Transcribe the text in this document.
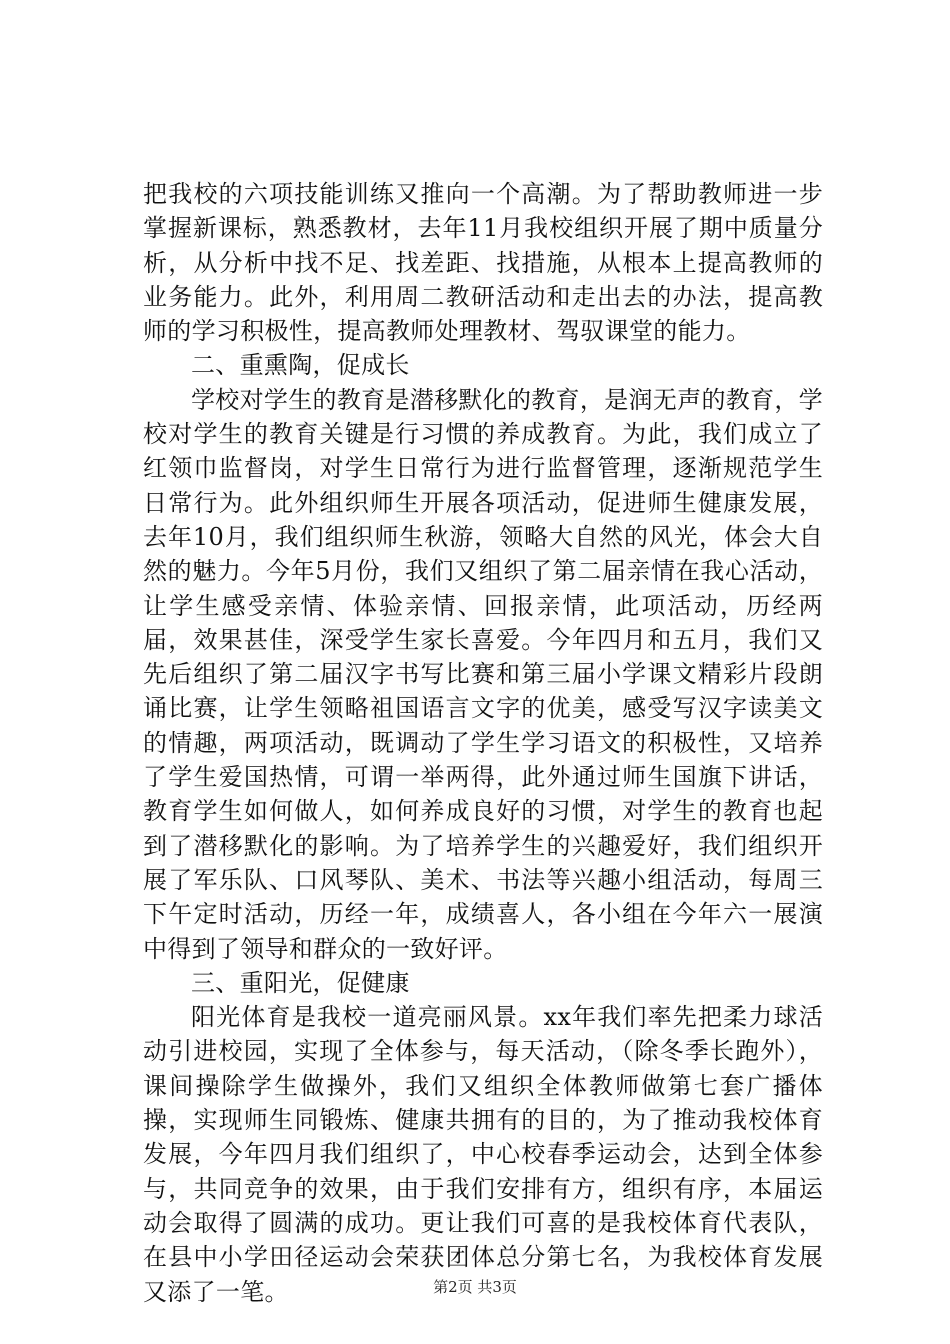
把我校的六项技能训练又推向一个高潮。为了帮助教师进一步掌握新课标，熟悉教材，去年11月我校组织开展了期中质量分析，从分析中找不足、找差距、找措施，从根本上提高教师的业务能力。此外，利用周二教研活动和走出去的办法，提高教师的学习积极性，提高教师处理教材、驾驭课堂的能力。

二、重熏陶，促成长

学校对学生的教育是潜移默化的教育，是润无声的教育，学校对学生的教育关键是行习惯的养成教育。为此，我们成立了红领巾监督岗，对学生日常行为进行监督管理，逐渐规范学生日常行为。此外组织师生开展各项活动，促进师生健康发展，去年10月，我们组织师生秋游，领略大自然的风光，体会大自然的魅力。今年5月份，我们又组织了第二届亲情在我心活动，让学生感受亲情、体验亲情、回报亲情，此项活动，历经两届，效果甚佳，深受学生家长喜爱。今年四月和五月，我们又先后组织了第二届汉字书写比赛和第三届小学课文精彩片段朗诵比赛，让学生领略祖国语言文字的优美，感受写汉字读美文的情趣，两项活动，既调动了学生学习语文的积极性，又培养了学生爱国热情，可谓一举两得，此外通过师生国旗下讲话，教育学生如何做人，如何养成良好的习惯，对学生的教育也起到了潜移默化的影响。为了培养学生的兴趣爱好，我们组织开展了军乐队、口风琴队、美术、书法等兴趣小组活动，每周三下午定时活动，历经一年，成绩喜人，各小组在今年六一展演中得到了领导和群众的一致好评。

三、重阳光，促健康

阳光体育是我校一道亮丽风景。xx年我们率先把柔力球活动引进校园，实现了全体参与，每天活动，（除冬季长跑外），课间操除学生做操外，我们又组织全体教师做第七套广播体操，实现师生同锻炼、健康共拥有的目的，为了推动我校体育发展，今年四月我们组织了，中心校春季运动会，达到全体参与，共同竞争的效果，由于我们安排有方，组织有序，本届运动会取得了圆满的成功。更让我们可喜的是我校体育代表队，在县中小学田径运动会荣获团体总分第七名，为我校体育发展又添了一笔。	第2页 共3页
